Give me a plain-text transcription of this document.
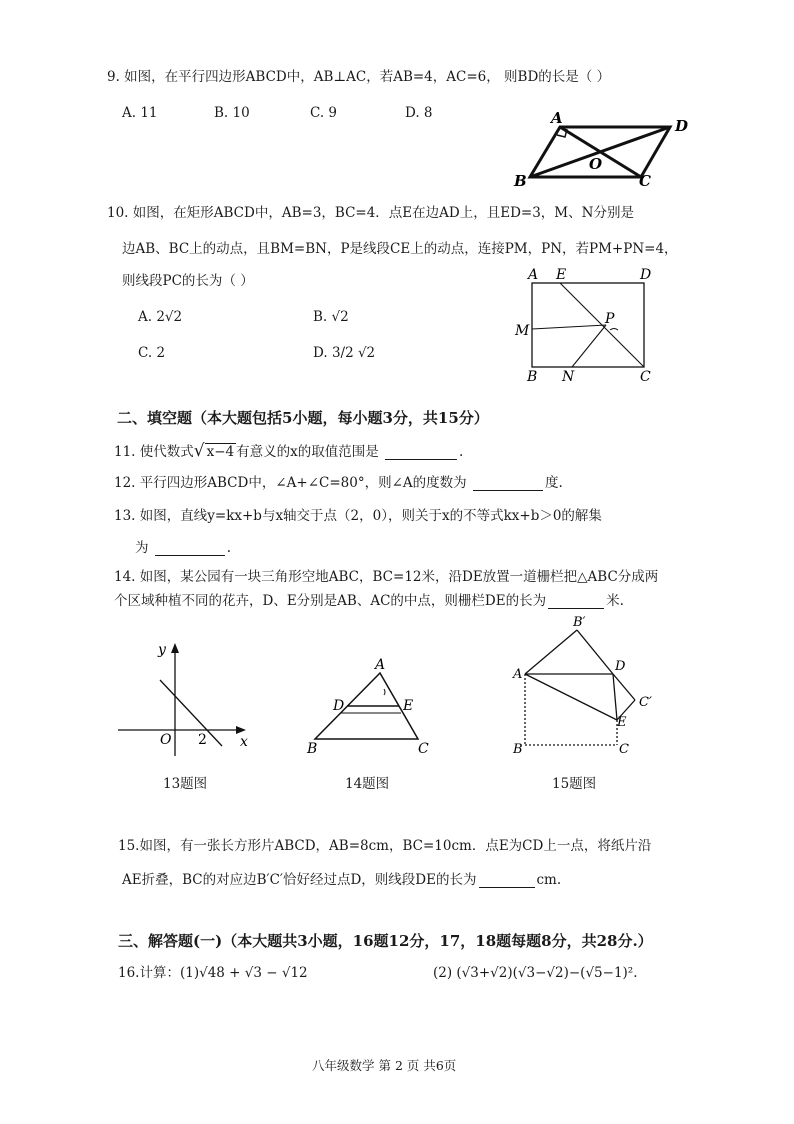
9. 如图，在平行四边形ABCD中，AB⊥AC，若AB=4，AC=6， 则BD的长是（ ）
A. 11	B. 10	C. 9	D. 8	A	D
B	C
O
10. 如图，在矩形ABCD中，AB=3，BC=4．点E在边AD上，且ED=3，M、N分别是
边AB、BC上的动点，且BM=BN，P是线段CE上的动点，连接PM，PN，若PM+PN=4，
则线段PC的长为（ ）
A. 2√2	B. √2
C. 2	D. 3/2 √2
A E	D
M
P
B N	C
二、填空题（本大题包括5小题，每小题3分，共15分）
11. 使代数式√ x−4 有意义的x的取值范围是	.
12. 平行四边形ABCD中，∠A+∠C=80°，则∠A的度数为	度.
13. 如图，直线y=kx+b与x轴交于点（2，0），则关于x的不等式kx+b＞0的解集
为	.
14. 如图，某公园有一块三角形空地ABC，BC=12米，沿DE放置一道栅栏把△ABC分成两
个区域种植不同的花卉，D、E分别是AB、AC的中点，则栅栏DE的长为	米.
y
x
O 2
13题图
A
D	E
B	C
14题图
B′
A
D
C′
E
B	C
15题图
15.如图，有一张长方形片ABCD，AB=8cm，BC=10cm．点E为CD上一点，将纸片沿
AE折叠，BC的对应边B′C′恰好经过点D，则线段DE的长为	cm.
三、解答题(一)（本大题共3小题，16题12分，17，18题每题8分，共28分.）
16.计算：(1)√48 + √3 − √12	(2) (√3+√2)(√3−√2)−(√5−1)².
八年级数学 第 2 页 共6页
